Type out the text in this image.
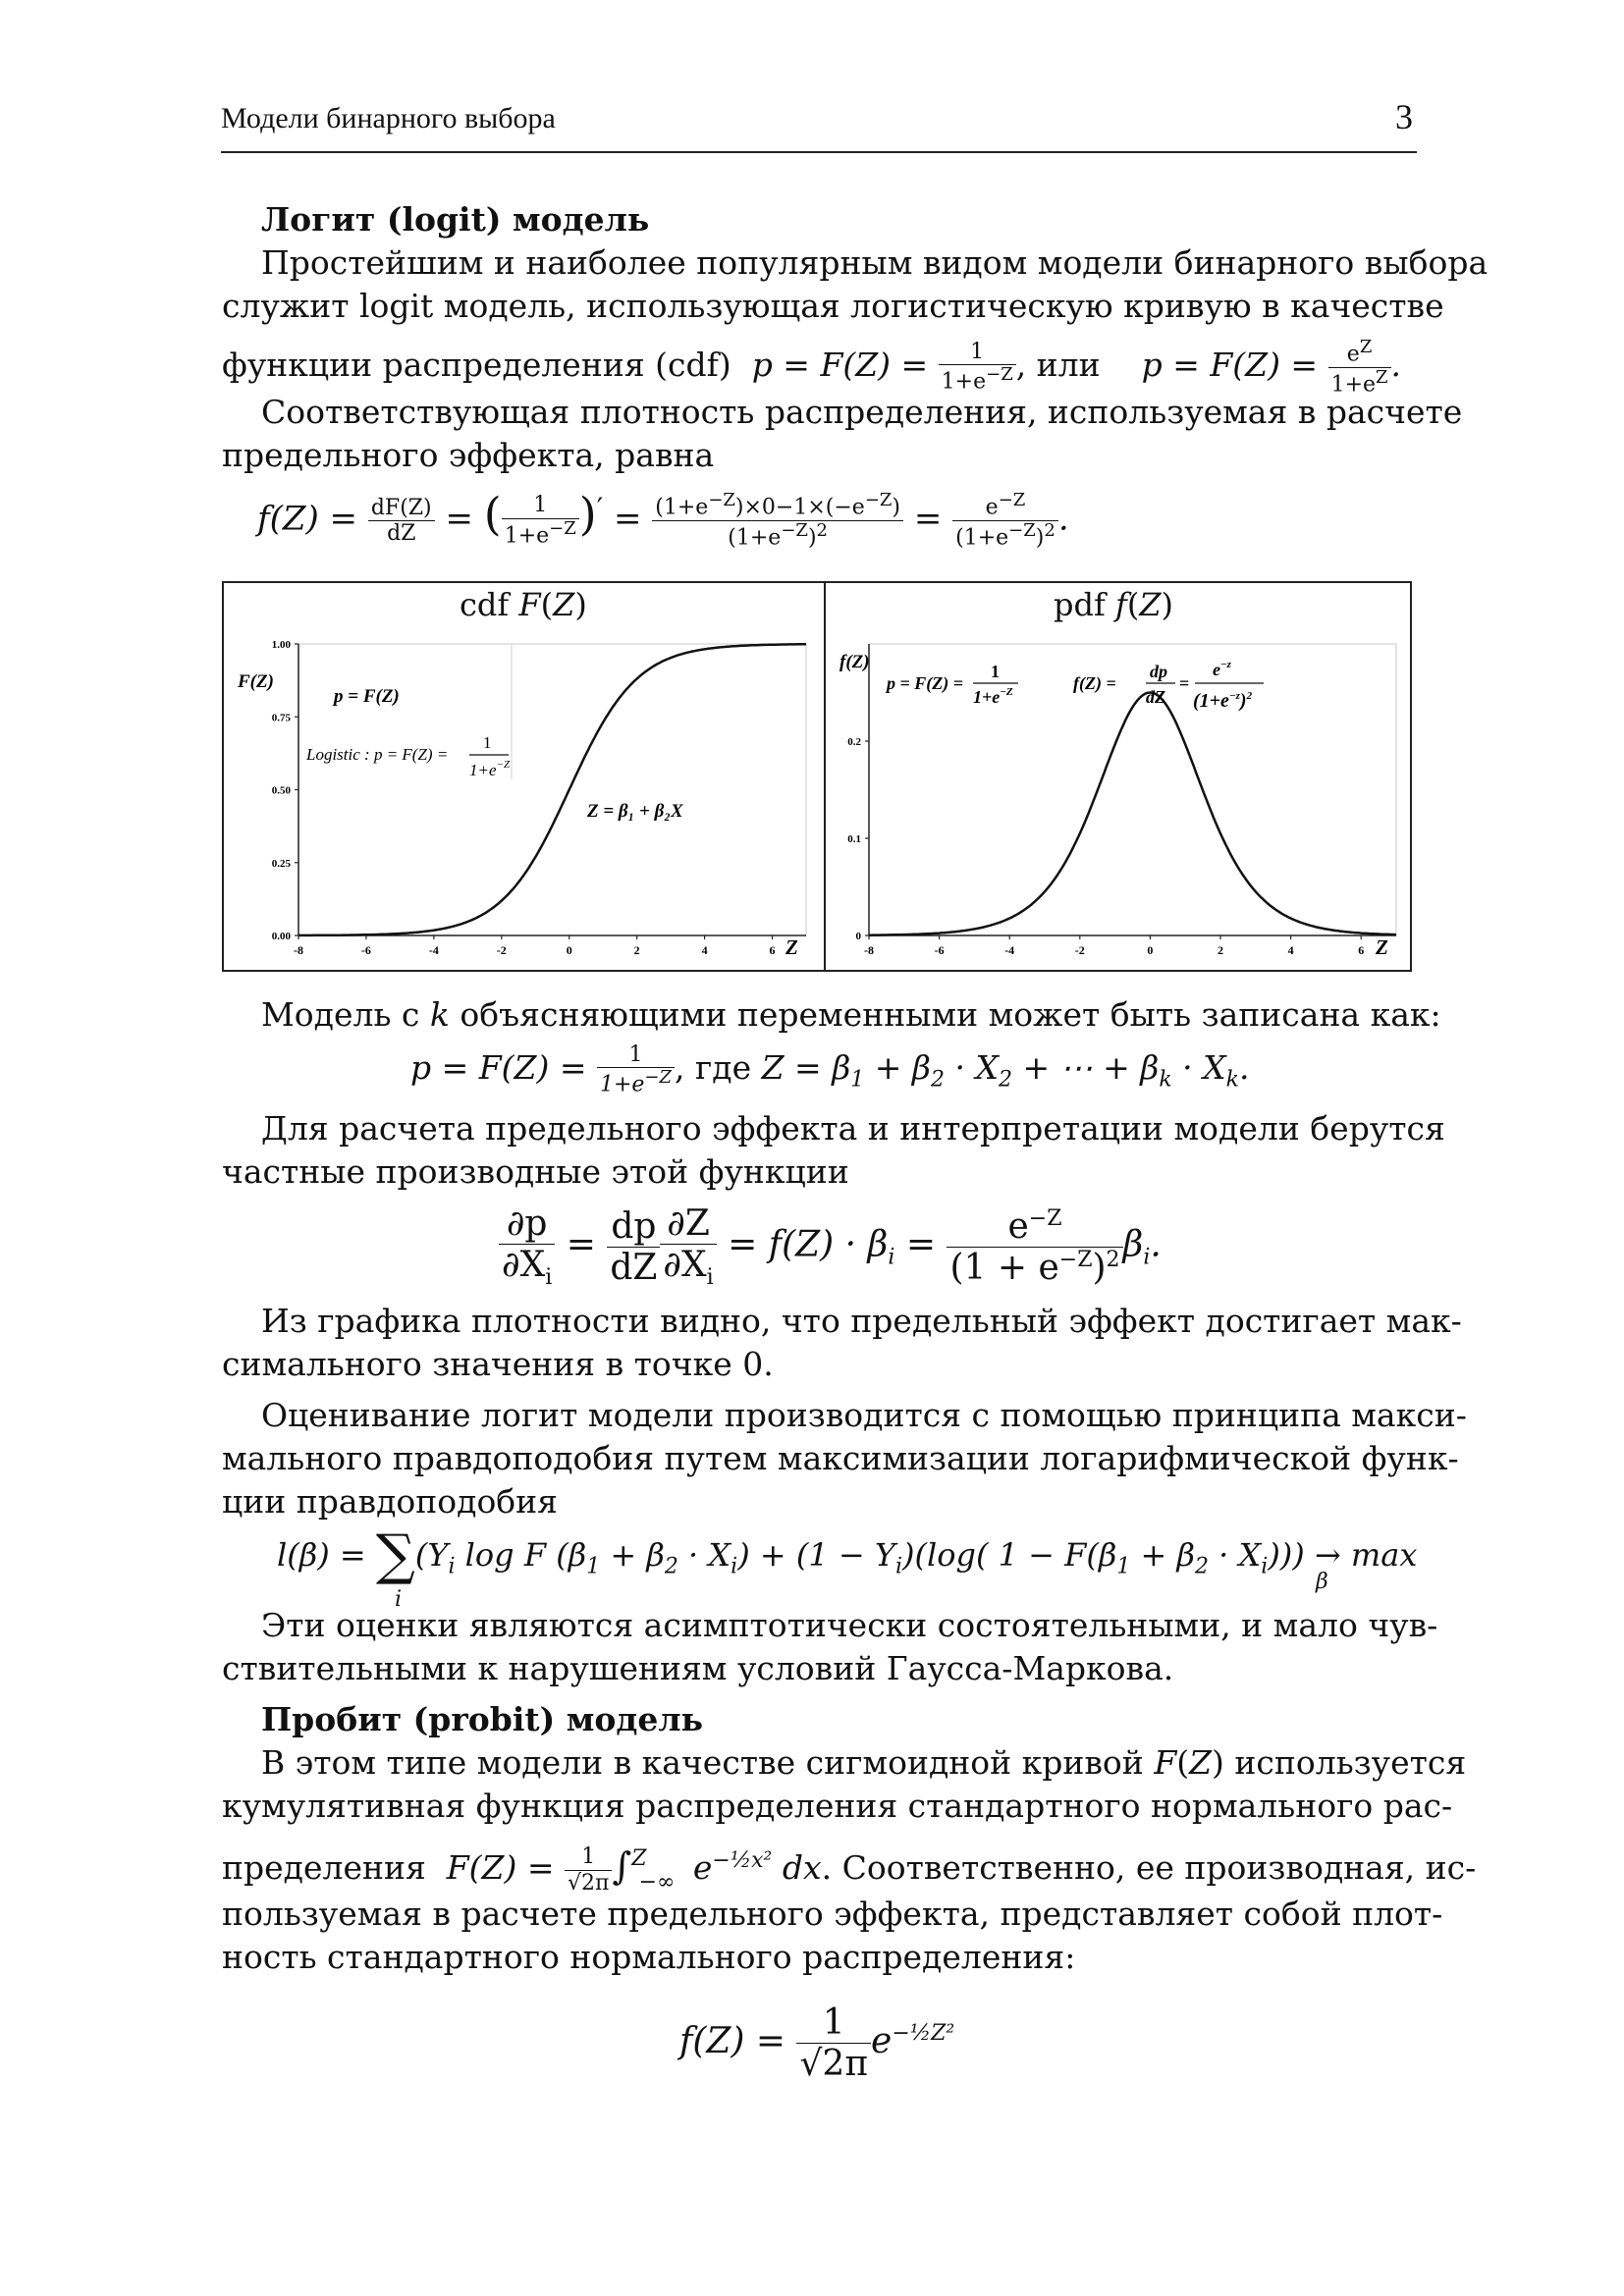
Модели бинарного выбора	3
Логит (logit) модель
Простейшим и наиболее популярным видом модели бинарного выбора
служит logit модель, использующая логистическую кривую в качестве
функции распределения (cdf)  $p = F(Z) = \frac{1}{1+e^{-Z}}$ , или    $p = F(Z) = \frac{e^Z}{1+e^Z}$ .
Соответствующая плотность распределения, используемая в расчете
предельного эффекта, равна
$f(Z) = \frac{dF(Z)}{dZ}$ = ( $\frac{1}{1+e^{-Z}} )' = \frac{(1+e^{-Z})\times 0-1\times(-e^{-Z})}{(1+e^{-Z})^2} = \frac{e^{-Z}}{(1+e^{-Z})^2}$ .
cdf F(Z)	pdf f(Z)
0.00
0.25
0.50
0.75
1.00
-8	-6	-4	-2	0	2	4	6
F(Z)
Z
p = F(Z)
Logistic : p = F(Z) =
1
$1+e^{-Z}$
Z = β₁ + β₂X
0
0.1
0.2
-8	-6	-4	-2	0	2	4	6
f(Z)
Z
p = F(Z) =
1
$1+e^{-Z}$	f(Z) =
dp
dZ
=
$e^{-z}$
$(1+e^{-z})^2$
Модель с k объясняющими переменными может быть записана как:
$p = F(Z) = \frac{1}{1+e^{-Z}}$ , где $Z = \beta_1 + \beta_2 \cdot X_2$ + ⋯ + $\beta_k \cdot X_k$.
Для расчета предельного эффекта и интерпретации модели берутся
частные производные этой функции
$\frac{\partial p}{\partial X_i} = \frac{dp}{dZ} \frac{\partial Z}{\partial X_i} = f(Z) \cdot \beta_i = \frac{e^{-Z}}{(1 + e^{-Z})^2} \beta_i$.
Из графика плотности видно, что предельный эффект достигает мак-
симального значения в точке 0.
Оценивание логит модели производится с помощью принципа макси-
мального правдоподобия путем максимизации логарифмической функ-
ции правдоподобия
$l(\beta) = \sum(Y_i$ log F $(\beta_1 + \beta_2 \cdot X_i) + (1 - Y_i)(\log$( $1 - F(\beta_1 + \beta_2 \cdot X_i))) \to \max$
i
β
Эти оценки являются асимптотически состоятельными, и мало чув-
ствительными к нарушениям условий Гаусса-Маркова.
Пробит (probit) модель
В этом типе модели в качестве сигмоидной кривой F(Z) используется
кумулятивная функция распределения стандартного нормального рас-
пределения $F(Z) = \frac{1}{√2\pi} \int^Z_{-\infty}$ $e^{-\frac{1}{2}x^2}$ dx. Соответственно, ее производная, ис-
пользуемая в расчете предельного эффекта, представляет собой плот-
ность стандартного нормального распределения:
$f(Z) = \frac{1}{√2\pi} e^{-\frac{1}{2}Z^2}$
